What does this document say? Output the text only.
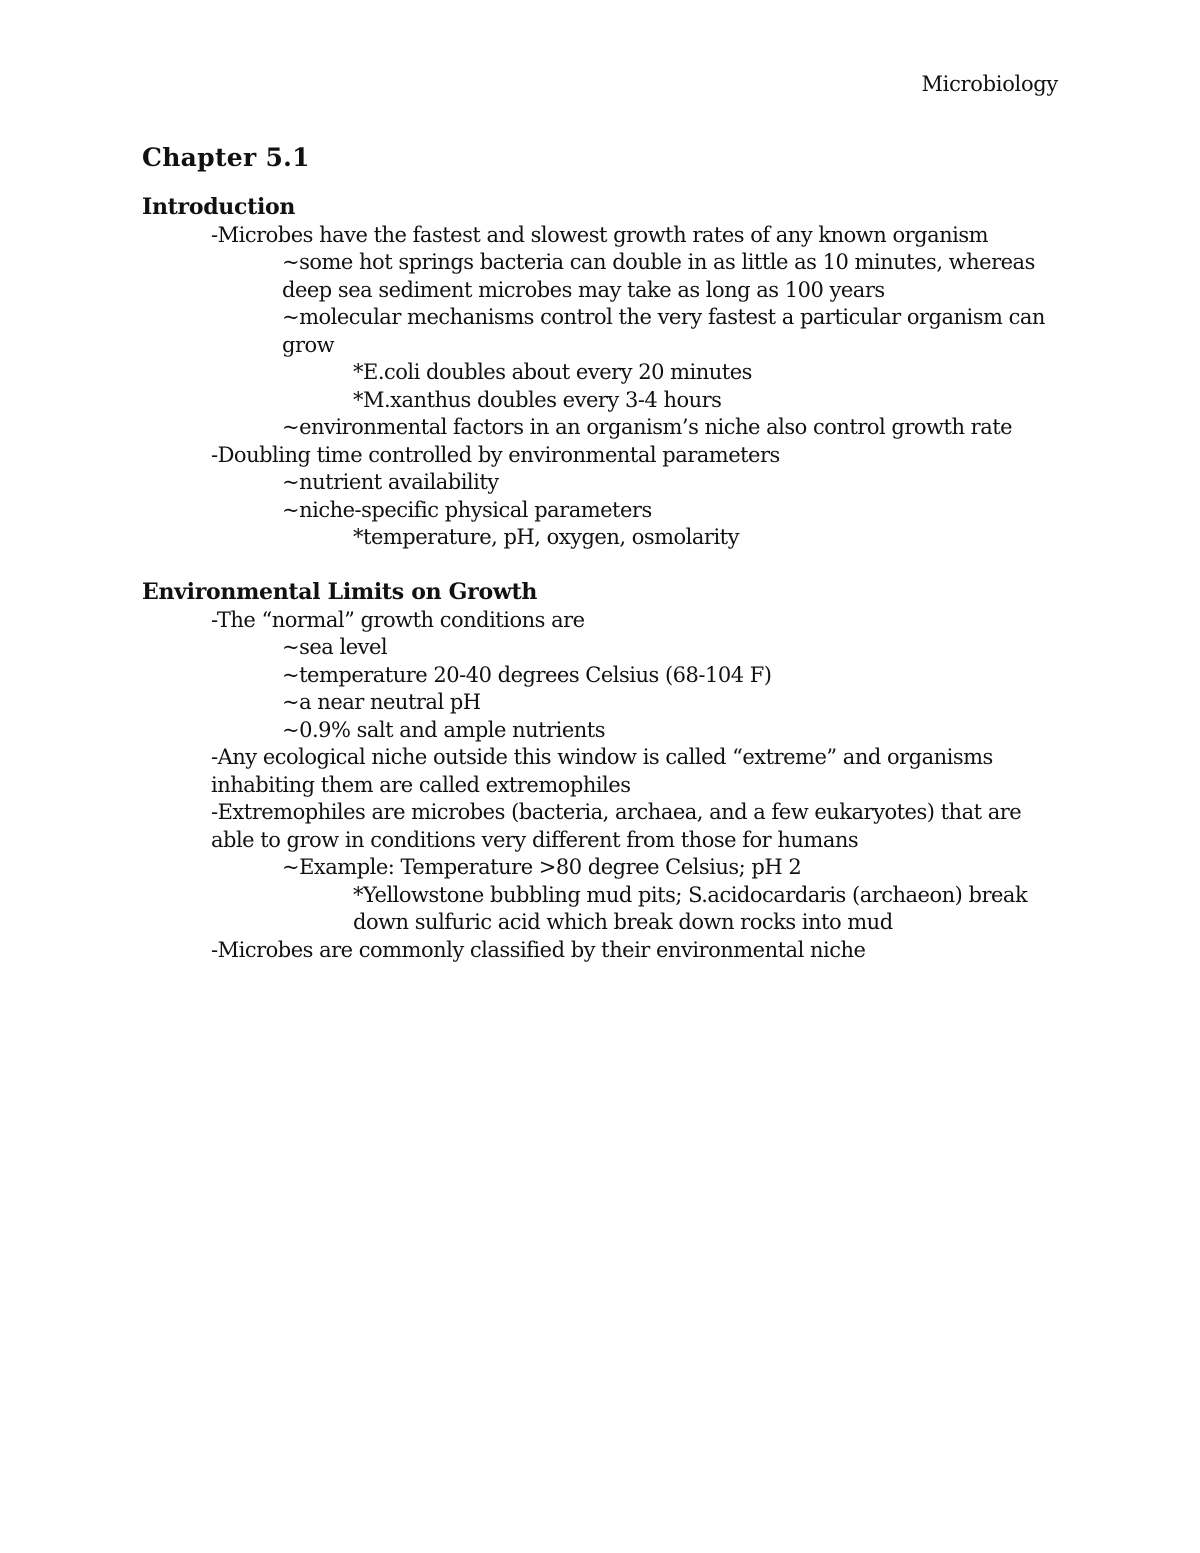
Microbiology
Chapter 5.1
Introduction
-Microbes have the fastest and slowest growth rates of any known organism
~some hot springs bacteria can double in as little as 10 minutes, whereas
deep sea sediment microbes may take as long as 100 years
~molecular mechanisms control the very fastest a particular organism can
grow
*E.coli doubles about every 20 minutes
*M.xanthus doubles every 3-4 hours
~environmental factors in an organism’s niche also control growth rate
-Doubling time controlled by environmental parameters
~nutrient availability
~niche-specific physical parameters
*temperature, pH, oxygen, osmolarity
Environmental Limits on Growth
-The “normal” growth conditions are
~sea level
~temperature 20-40 degrees Celsius (68-104 F)
~a near neutral pH
~0.9% salt and ample nutrients
-Any ecological niche outside this window is called “extreme” and organisms
inhabiting them are called extremophiles
-Extremophiles are microbes (bacteria, archaea, and a few eukaryotes) that are
able to grow in conditions very different from those for humans
~Example: Temperature >80 degree Celsius; pH 2
*Yellowstone bubbling mud pits; S.acidocardaris (archaeon) break
down sulfuric acid which break down rocks into mud
-Microbes are commonly classified by their environmental niche
